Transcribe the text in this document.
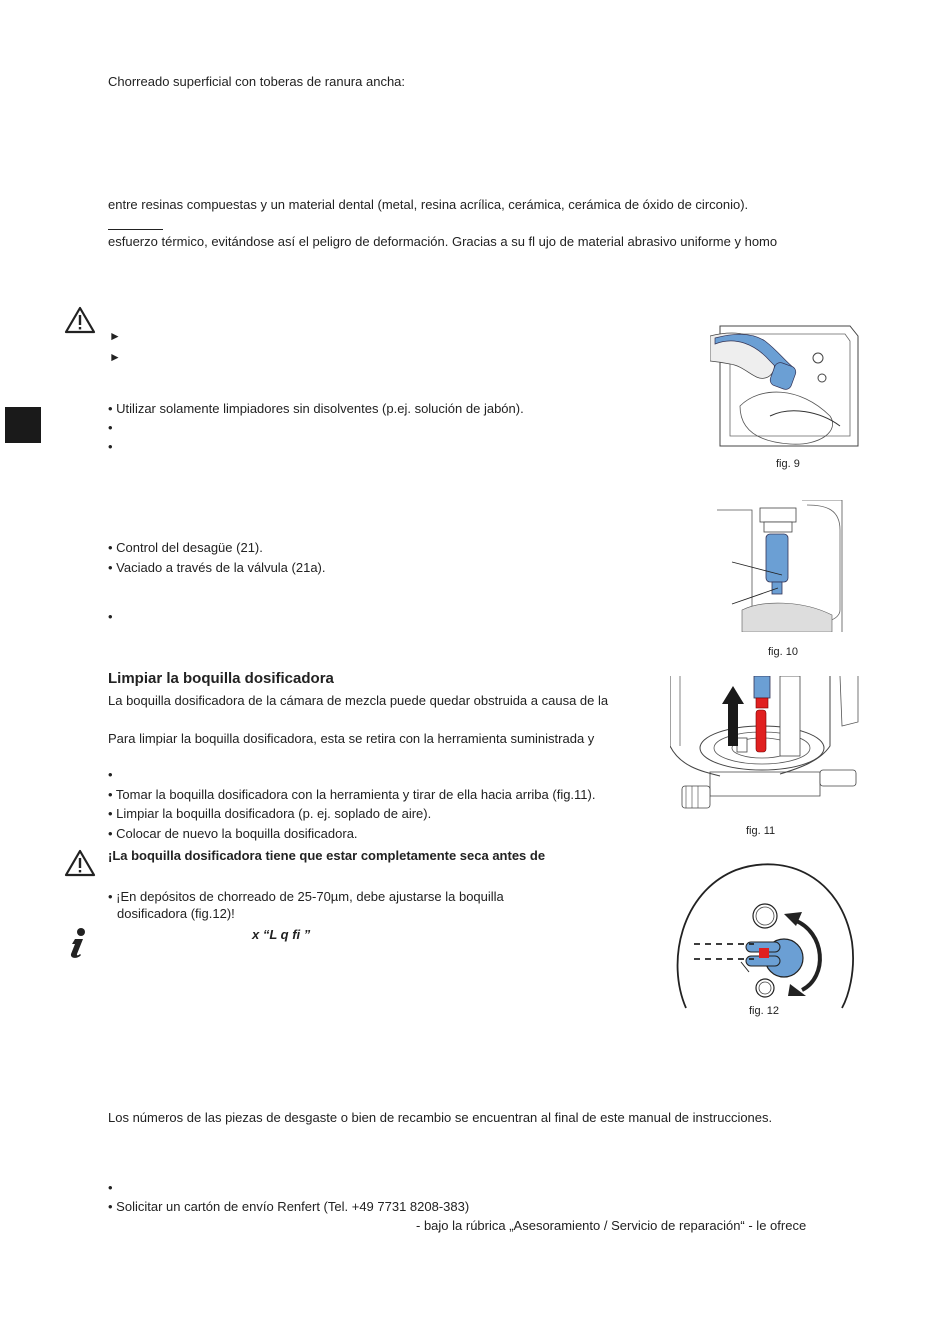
Chorreado superficial con toberas de ranura ancha:
entre resinas compuestas y un material dental (metal, resina acrílica, cerámica, cerámica de óxido de circonio).
esfuerzo térmico, evitándose así el peligro de deformación. Gracias a su fl ujo de material abrasivo uniforme y homo
►
►
• Utilizar solamente limpiadores sin disolventes (p.ej. solución de jabón).
•
•
fig. 9
• Control del desagüe (21).
• Vaciado a través de la válvula (21a).
•
fig. 10
Limpiar la boquilla dosificadora
La boquilla dosificadora de la cámara de mezcla puede quedar obstruida a causa de la
Para limpiar la boquilla dosificadora, esta se retira con la herramienta suministrada y
•
• Tomar la boquilla dosificadora con la herramienta y tirar de ella hacia arriba (fig.11).
• Limpiar la boquilla dosificadora (p. ej. soplado de aire).
• Colocar de nuevo la boquilla dosificadora.	fig. 11
¡La boquilla dosificadora tiene que estar completamente seca antes de
• ¡En depósitos de chorreado de 25-70µm, debe ajustarse la boquilla
dosificadora (fig.12)!
x “L q fi ”
fig. 12
Los números de las piezas de desgaste o bien de recambio se encuentran al final de este manual de instrucciones.
•
• Solicitar un cartón de envío Renfert (Tel. +49 7731 8208-383)
- bajo la rúbrica „Asesoramiento / Servicio de reparación“ - le ofrece
